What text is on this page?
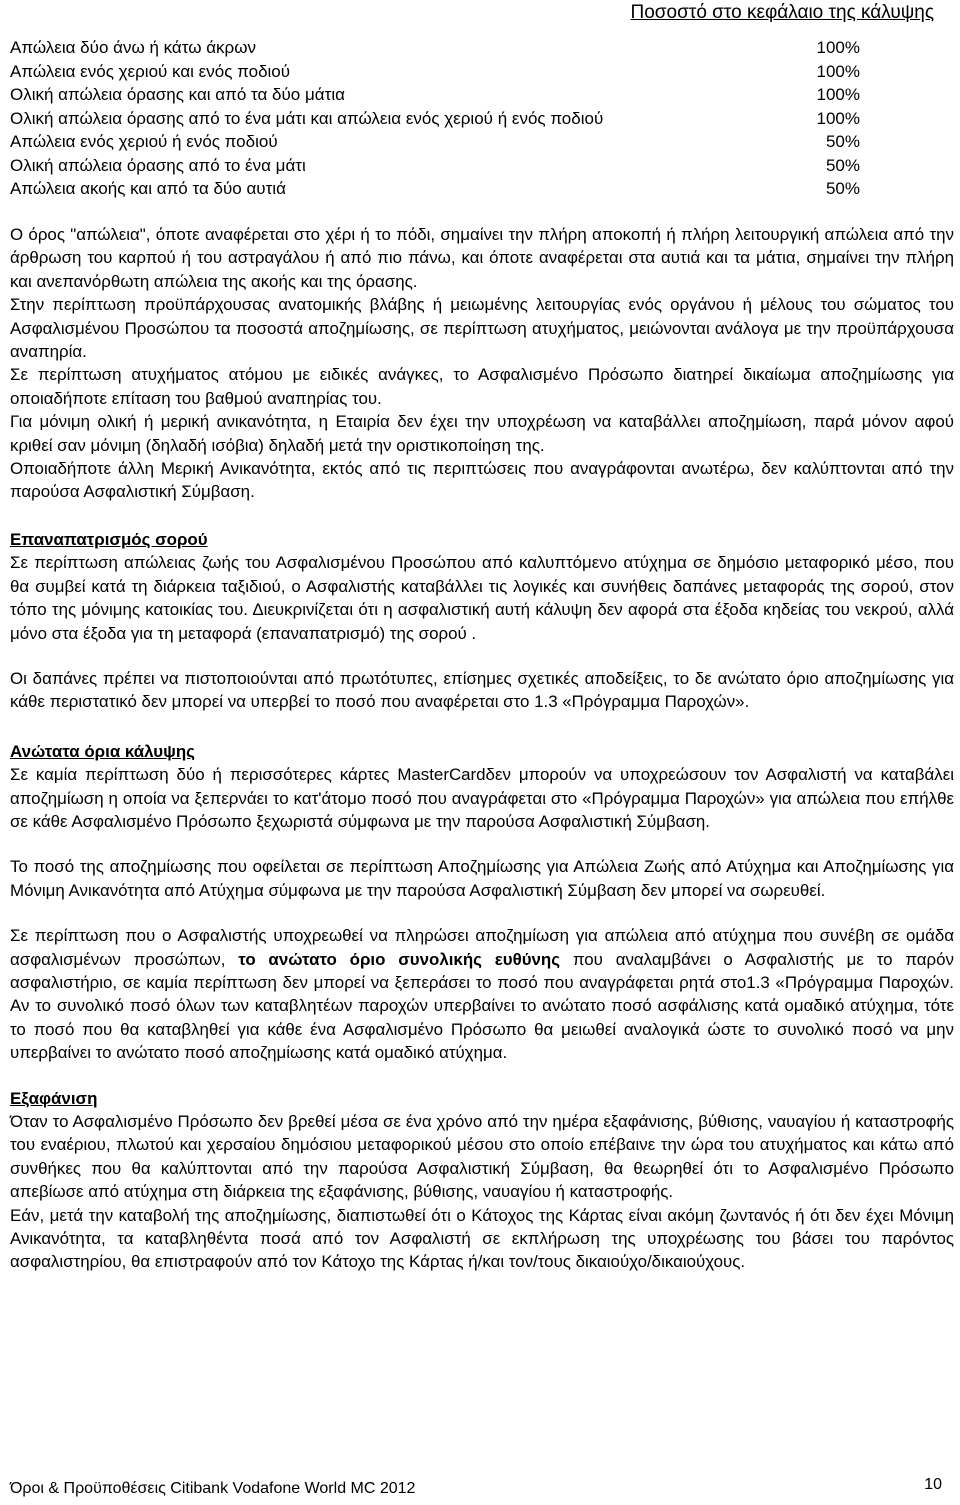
Ποσοστό στο κεφάλαιο της κάλυψης
Απώλεια δύο άνω ή κάτω άκρων	100%
Απώλεια ενός χεριού και ενός ποδιού	100%
Ολική απώλεια όρασης και από τα δύο μάτια	100%
Ολική απώλεια όρασης από το ένα μάτι και απώλεια ενός χεριού ή ενός ποδιού	100%
Απώλεια ενός χεριού ή ενός ποδιού	50%
Ολική απώλεια όρασης από το ένα μάτι	50%
Απώλεια ακοής και από τα δύο αυτιά	50%

Ο όρος "απώλεια", όποτε αναφέρεται στο χέρι ή το πόδι, σημαίνει την πλήρη αποκοπή ή πλήρη λειτουργική απώλεια από την άρθρωση του καρπού ή του αστραγάλου ή από πιο πάνω, και όποτε αναφέρεται στα αυτιά και τα μάτια, σημαίνει την πλήρη και ανεπανόρθωτη απώλεια της ακοής και της όρασης.

Στην περίπτωση προϋπάρχουσας ανατομικής βλάβης ή μειωμένης λειτουργίας ενός οργάνου ή μέλους του σώματος του Ασφαλισμένου Προσώπου τα ποσοστά αποζημίωσης, σε περίπτωση ατυχήματος, μειώνονται ανάλογα με την προϋπάρχουσα αναπηρία.

Σε περίπτωση ατυχήματος ατόμου με ειδικές ανάγκες, το Ασφαλισμένο Πρόσωπο διατηρεί δικαίωμα αποζημίωσης για οποιαδήποτε επίταση του βαθμού αναπηρίας του.

Για μόνιμη ολική ή μερική ανικανότητα, η Εταιρία δεν έχει την υποχρέωση να καταβάλλει αποζημίωση, παρά μόνον αφού κριθεί σαν μόνιμη (δηλαδή ισόβια) δηλαδή μετά την οριστικοποίηση της.

Οποιαδήποτε άλλη Μερική Ανικανότητα, εκτός από τις περιπτώσεις που αναγράφονται ανωτέρω, δεν καλύπτονται από την παρούσα Ασφαλιστική Σύμβαση.

Επαναπατρισμός σορού

Σε περίπτωση απώλειας ζωής του Ασφαλισμένου Προσώπου από καλυπτόμενο ατύχημα σε δημόσιο μεταφορικό μέσο, που θα συμβεί κατά τη διάρκεια ταξιδιού, ο Ασφαλιστής καταβάλλει τις λογικές και συνήθεις δαπάνες μεταφοράς της σορού, στον τόπο της μόνιμης κατοικίας του. Διευκρινίζεται ότι η ασφαλιστική αυτή κάλυψη δεν αφορά στα έξοδα κηδείας του νεκρού, αλλά μόνο στα έξοδα για τη μεταφορά (επαναπατρισμό) της σορού .

Οι δαπάνες πρέπει να πιστοποιούνται από πρωτότυπες, επίσημες σχετικές αποδείξεις, το δε ανώτατο όριο αποζημίωσης για κάθε περιστατικό δεν μπορεί να υπερβεί το ποσό που αναφέρεται στο 1.3 «Πρόγραμμα Παροχών».

Ανώτατα όρια κάλυψης

Σε καμία περίπτωση δύο ή περισσότερες κάρτες MasterCardδεν μπορούν να υποχρεώσουν τον Ασφαλιστή να καταβάλει αποζημίωση η οποία να ξεπερνάει το κατ'άτομο ποσό που αναγράφεται στο «Πρόγραμμα Παροχών» για απώλεια που επήλθε σε κάθε Ασφαλισμένο Πρόσωπο ξεχωριστά σύμφωνα με την παρούσα Ασφαλιστική Σύμβαση.

Το ποσό της αποζημίωσης που οφείλεται σε περίπτωση Αποζημίωσης για Απώλεια Ζωής από Ατύχημα και Αποζημίωσης για Μόνιμη Ανικανότητα από Ατύχημα σύμφωνα με την παρούσα Ασφαλιστική Σύμβαση δεν μπορεί να σωρευθεί.

Σε περίπτωση που ο Ασφαλιστής υποχρεωθεί να πληρώσει αποζημίωση για απώλεια από ατύχημα που συνέβη σε ομάδα ασφαλισμένων προσώπων, το ανώτατο όριο συνολικής ευθύνης που αναλαμβάνει ο Ασφαλιστής με το παρόν ασφαλιστήριο, σε καμία περίπτωση δεν μπορεί να ξεπεράσει το ποσό που αναγράφεται ρητά στο1.3 «Πρόγραμμα Παροχών. Αν το συνολικό ποσό όλων των καταβλητέων παροχών υπερβαίνει το ανώτατο ποσό ασφάλισης κατά ομαδικό ατύχημα, τότε το ποσό που θα καταβληθεί για κάθε ένα Ασφαλισμένο Πρόσωπο θα μειωθεί αναλογικά ώστε το συνολικό ποσό να μην υπερβαίνει το ανώτατο ποσό αποζημίωσης κατά ομαδικό ατύχημα.

Εξαφάνιση

Όταν το Ασφαλισμένο Πρόσωπο δεν βρεθεί μέσα σε ένα χρόνο από την ημέρα εξαφάνισης, βύθισης, ναυαγίου ή καταστροφής του εναέριου, πλωτού και χερσαίου δημόσιου μεταφορικού μέσου στο οποίο επέβαινε την ώρα του ατυχήματος και κάτω από συνθήκες που θα καλύπτονται από την παρούσα Ασφαλιστική Σύμβαση, θα θεωρηθεί ότι το Ασφαλισμένο Πρόσωπο απεβίωσε από ατύχημα στη διάρκεια της εξαφάνισης, βύθισης, ναυαγίου ή καταστροφής.

Εάν, μετά την καταβολή της αποζημίωσης, διαπιστωθεί ότι ο Κάτοχος της Κάρτας είναι ακόμη ζωντανός ή ότι δεν έχει Μόνιμη Ανικανότητα, τα καταβληθέντα ποσά από τον Ασφαλιστή σε εκπλήρωση της υποχρέωσης του βάσει του παρόντος ασφαλιστηρίου, θα επιστραφούν από τον Κάτοχο της Κάρτας ή/και τον/τους δικαιούχο/δικαιούχους.

Όροι & Προϋποθέσεις Citibank Vodafone World MC 2012	10
